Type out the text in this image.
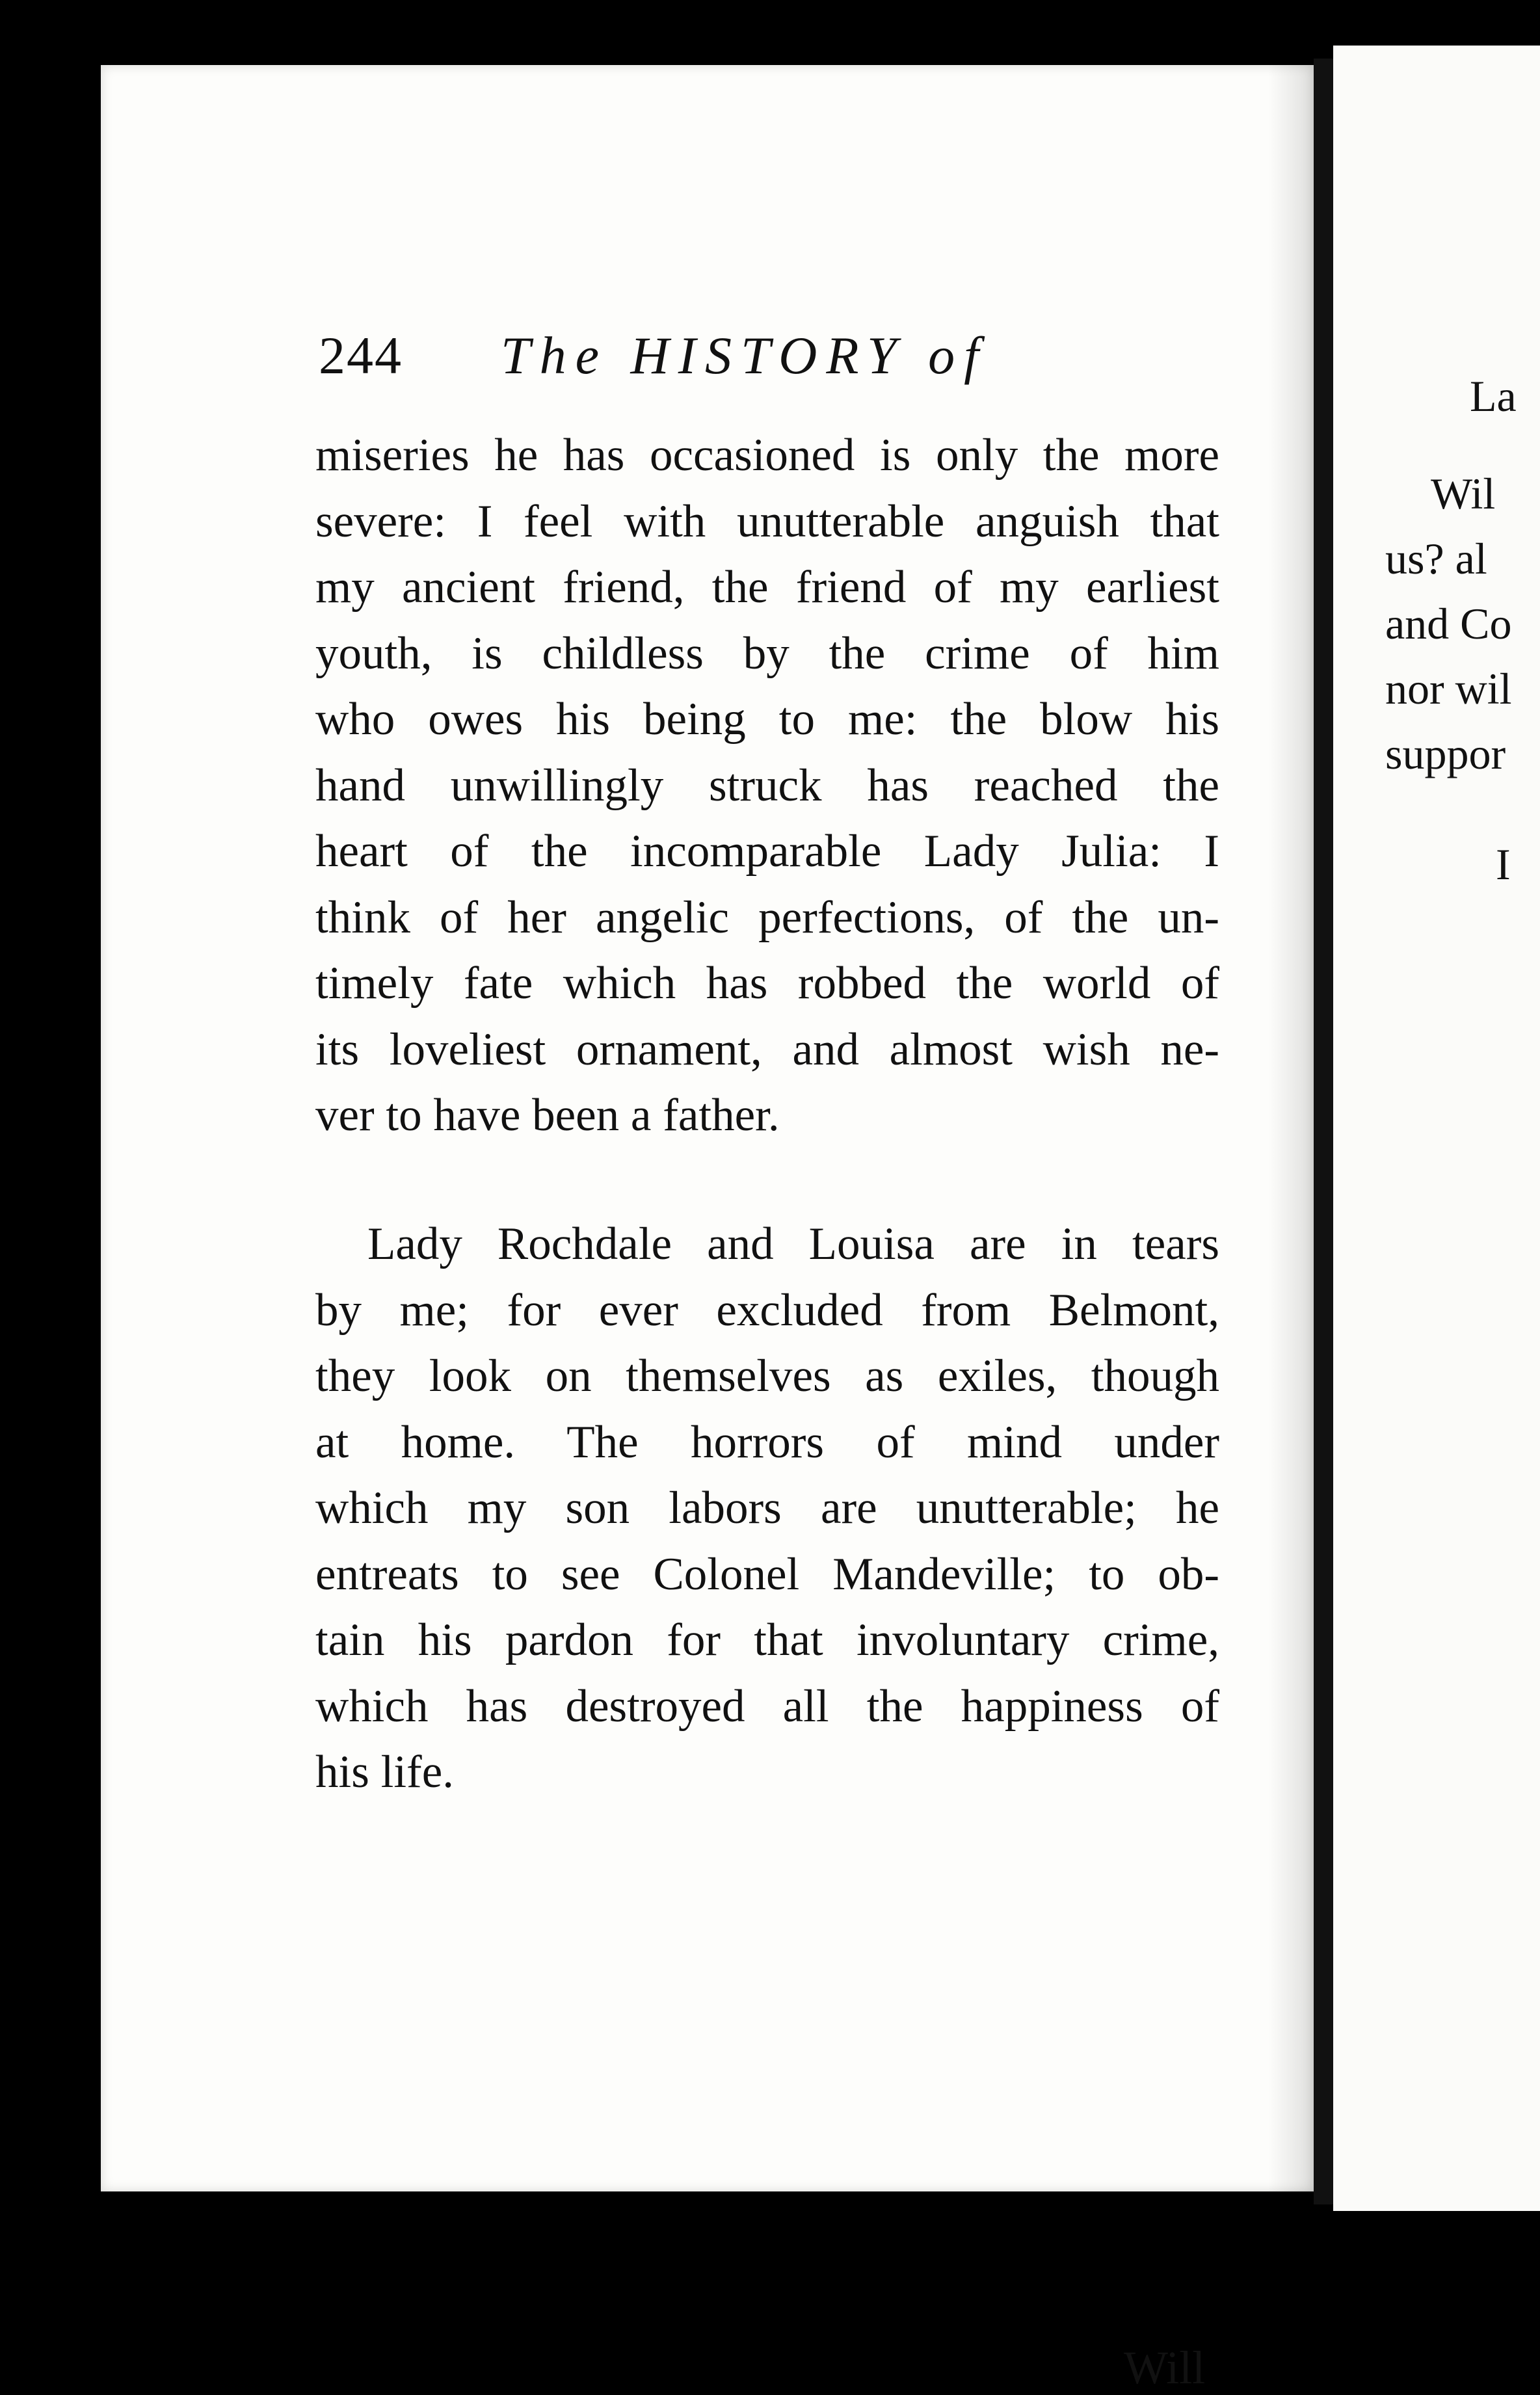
La
Wil
us? al
and Co
nor wil
suppor
I
244 The HISTORY of
miseries he has occasioned is only the more
severe: I feel with unutterable anguish that
my ancient friend, the friend of my earliest
youth, is childless by the crime of him
who owes his being to me: the blow his
hand unwillingly struck has reached the
heart of the incomparable Lady Julia: I
think of her angelic perfections, of the un-
timely fate which has robbed the world of
its loveliest ornament, and almost wish ne-
ver to have been a father.
Lady Rochdale and Louisa are in tears
by me; for ever excluded from Belmont,
they look on themselves as exiles, though
at home. The horrors of mind under
which my son labors are unutterable; he
entreats to see Colonel Mandeville; to ob-
tain his pardon for that involuntary crime,
which has destroyed all the happiness of
his life.
Will
